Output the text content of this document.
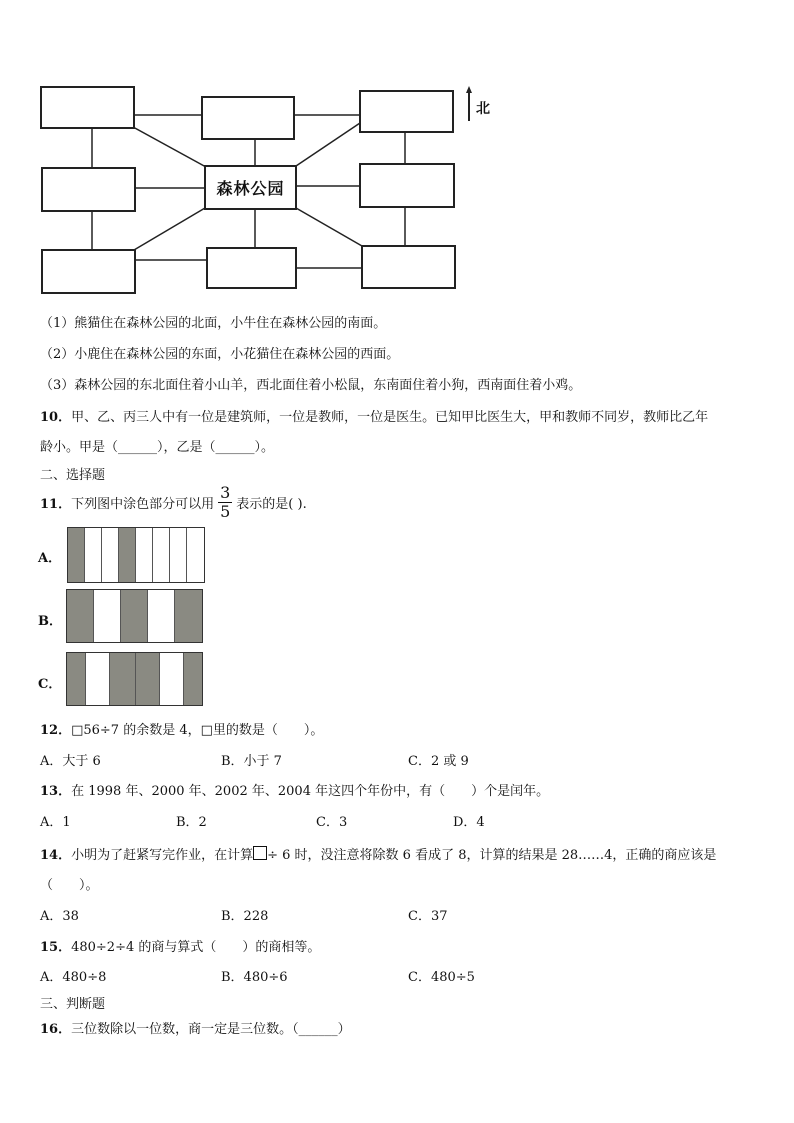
森林公园
北
（1）熊猫住在森林公园的北面，小牛住在森林公园的南面。
（2）小鹿住在森林公园的东面，小花猫住在森林公园的西面。
（3）森林公园的东北面住着小山羊，西北面住着小松鼠，东南面住着小狗，西南面住着小鸡。
10．甲、乙、丙三人中有一位是建筑师，一位是教师，一位是医生。已知甲比医生大，甲和教师不同岁，教师比乙年
龄小。甲是（______），乙是（______）。
二、选择题
11． 下列图中涂色部分可以用 $\frac{3}{5}$ 表示的是( ).
A．
B．
C．
12．□56÷7 的余数是 4，□里的数是（　　）。
A．大于 6	B．小于 7	C．2 或 9
13．在 1998 年、2000 年、2002 年、2004 年这四个年份中，有（　　）个是闰年。
A．1	B．2	C．3	D．4
14．小明为了赶紧写完作业，在计算 ÷ 6 时，没注意将除数 6 看成了 8，计算的结果是 28……4，正确的商应该是
（　　）。
A．38	B．228	C．37
15．480÷2÷4 的商与算式（　　）的商相等。
A．480÷8	B．480÷6	C．480÷5
三、判断题
16．三位数除以一位数，商一定是三位数。（______）
